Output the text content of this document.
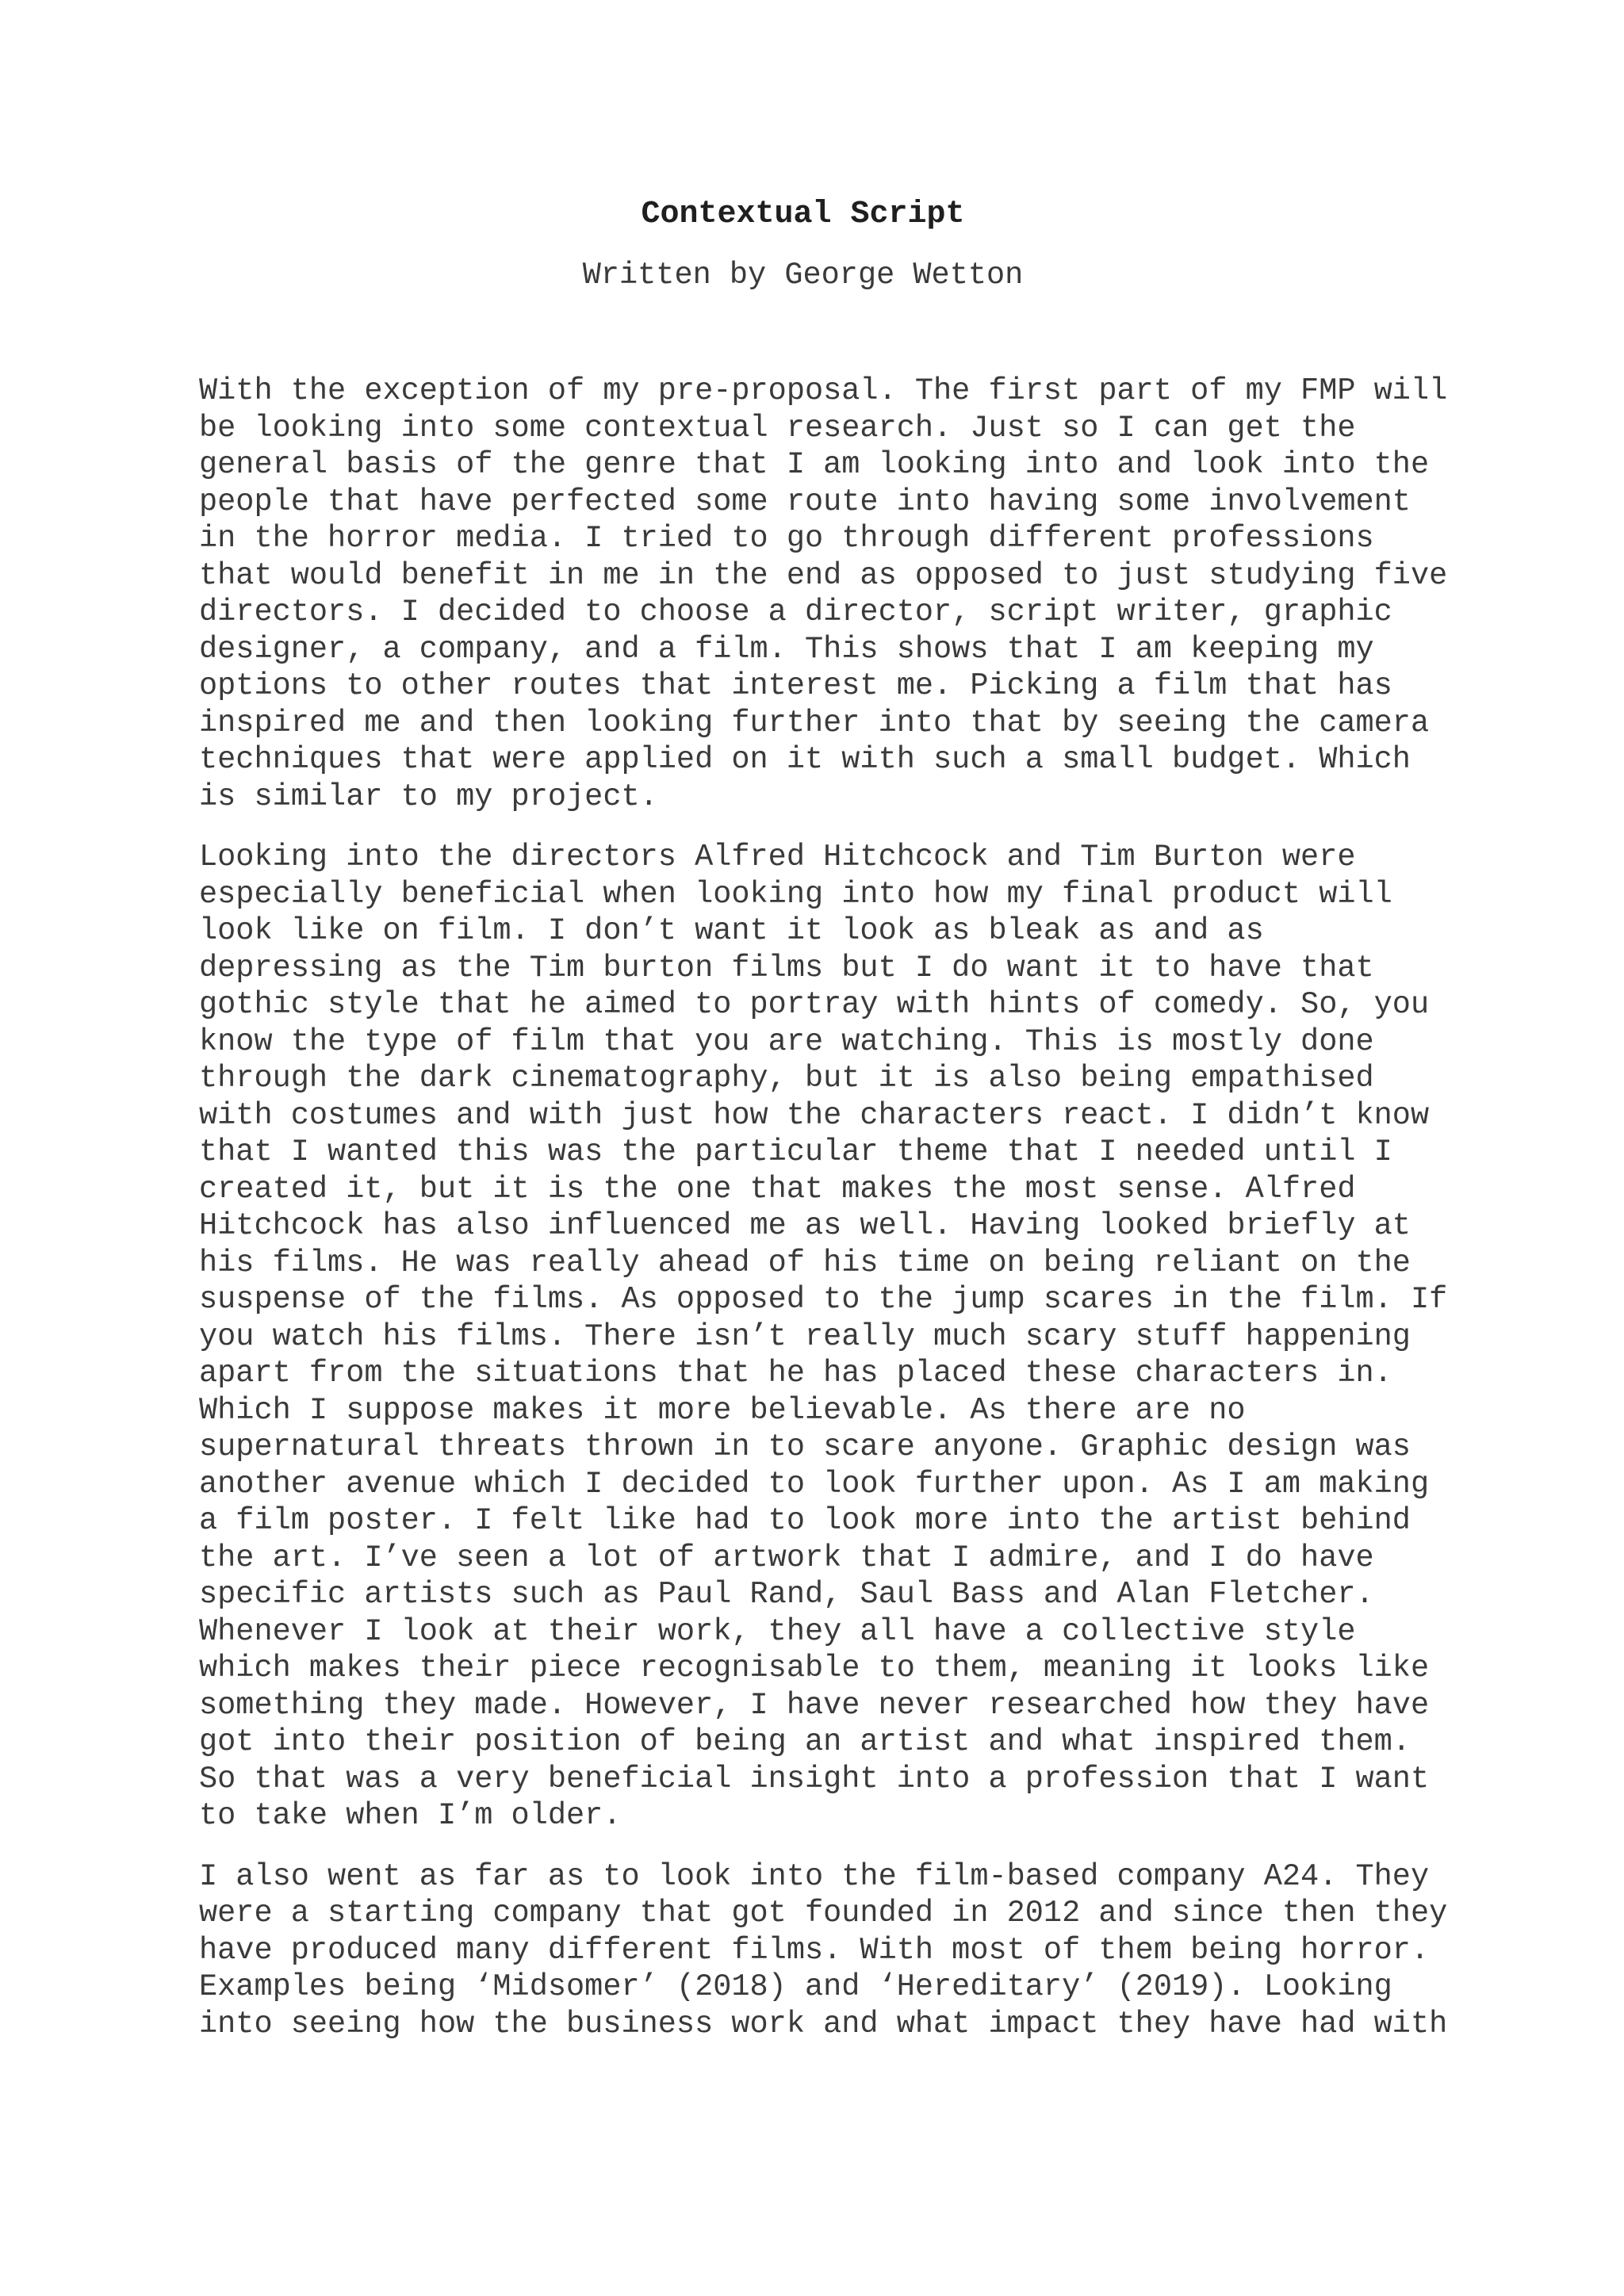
Contextual Script
Written by George Wetton
With the exception of my pre-proposal. The first part of my FMP will
be looking into some contextual research. Just so I can get the
general basis of the genre that I am looking into and look into the
people that have perfected some route into having some involvement
in the horror media. I tried to go through different professions
that would benefit in me in the end as opposed to just studying five
directors. I decided to choose a director, script writer, graphic
designer, a company, and a film. This shows that I am keeping my
options to other routes that interest me. Picking a film that has
inspired me and then looking further into that by seeing the camera
techniques that were applied on it with such a small budget. Which
is similar to my project.
Looking into the directors Alfred Hitchcock and Tim Burton were
especially beneficial when looking into how my final product will
look like on film. I don’t want it look as bleak as and as
depressing as the Tim burton films but I do want it to have that
gothic style that he aimed to portray with hints of comedy. So, you
know the type of film that you are watching. This is mostly done
through the dark cinematography, but it is also being empathised
with costumes and with just how the characters react. I didn’t know
that I wanted this was the particular theme that I needed until I
created it, but it is the one that makes the most sense. Alfred
Hitchcock has also influenced me as well. Having looked briefly at
his films. He was really ahead of his time on being reliant on the
suspense of the films. As opposed to the jump scares in the film. If
you watch his films. There isn’t really much scary stuff happening
apart from the situations that he has placed these characters in.
Which I suppose makes it more believable. As there are no
supernatural threats thrown in to scare anyone. Graphic design was
another avenue which I decided to look further upon. As I am making
a film poster. I felt like had to look more into the artist behind
the art. I’ve seen a lot of artwork that I admire, and I do have
specific artists such as Paul Rand, Saul Bass and Alan Fletcher.
Whenever I look at their work, they all have a collective style
which makes their piece recognisable to them, meaning it looks like
something they made. However, I have never researched how they have
got into their position of being an artist and what inspired them.
So that was a very beneficial insight into a profession that I want
to take when I’m older.
I also went as far as to look into the film-based company A24. They
were a starting company that got founded in 2012 and since then they
have produced many different films. With most of them being horror.
Examples being ‘Midsomer’ (2018) and ‘Hereditary’ (2019). Looking
into seeing how the business work and what impact they have had with
